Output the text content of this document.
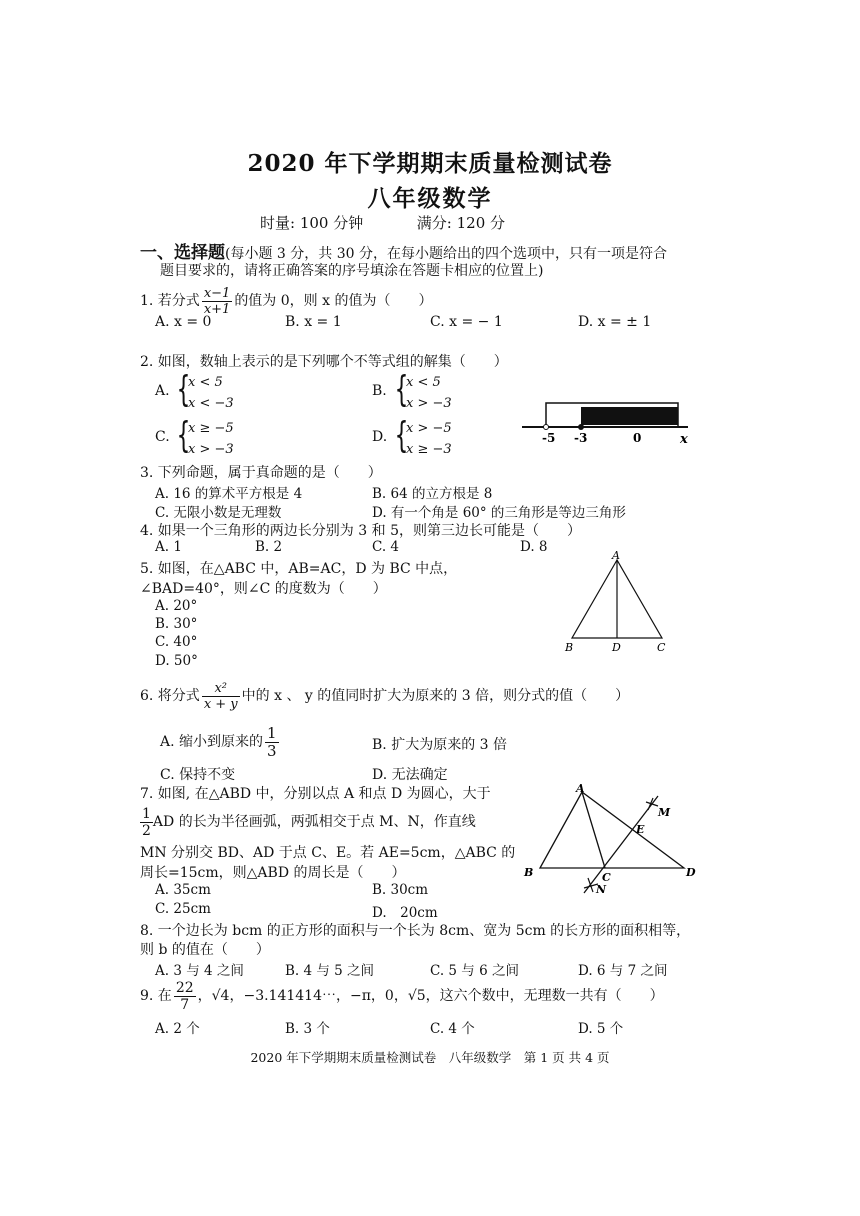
2020 年下学期期末质量检测试卷
八年级数学
时量: 100 分钟	满分: 120 分
一、选择题(每小题 3 分，共 30 分，在每小题给出的四个选项中，只有一项是符合
题目要求的，请将正确答案的序号填涂在答题卡相应的位置上)
1. 若分式 $\frac{x-1}{x+1}$ 的值为 0，则 x 的值为（　　）
A. x = 0	B. x = 1	C. x = − 1	D. x = ± 1
2. 如图，数轴上表示的是下列哪个不等式组的解集（　　）
A. {
x < 5
x < −3
B. {
x < 5
x > −3
C. {
x ≥ −5
x > −3
D. {
x > −5
x ≥ −3
-5 -3	0	x
3. 下列命题，属于真命题的是（　　）
A. 16 的算术平方根是 4	B. 64 的立方根是 8
C. 无限小数是无理数	D. 有一个角是 60° 的三角形是等边三角形
4. 如果一个三角形的两边长分别为 3 和 5，则第三边长可能是（　　）
A. 1	B. 2	C. 4	D. 8
5. 如图，在△ABC 中，AB=AC，D 为 BC 中点，
∠BAD=40°，则∠C 的度数为（　　）
A. 20°
B. 30°
C. 40°
D. 50°
A
B	D	C
6. 将分式 $\frac{\text{x²}}{x + y}$ 中的 x 、 y 的值同时扩大为原来的 3 倍，则分式的值（　　）
A. 缩小到原来的 $\frac{1}{3}$	B. 扩大为原来的 3 倍
C. 保持不变	D. 无法确定
7. 如图, 在△ABD 中，分别以点 A 和点 D 为圆心，大于
$\frac{1}{2}$ AD 的长为半径画弧，两弧相交于点 M、N，作直线
MN 分别交 BD、AD 于点 C、E。若 AE=5cm，△ABC 的
周长=15cm，则△ABD 的周长是（　　）
A. 35cm	B. 30cm
C. 25cm	D.　20cm
A
M
E
B	C
N
D
8. 一个边长为 bcm 的正方形的面积与一个长为 8cm、宽为 5cm 的长方形的面积相等，
则 b 的值在（　　）
A. 3 与 4 之间	B. 4 与 5 之间	C. 5 与 6 之间	D. 6 与 7 之间
9. 在 $\frac{22}{7}$ ，√4，−3.141414⋯，−π，0，√5，这六个数中，无理数一共有（　　）
A. 2 个	B. 3 个	C. 4 个	D. 5 个
2020 年下学期期末质量检测试卷　八年级数学　第 1 页 共 4 页
